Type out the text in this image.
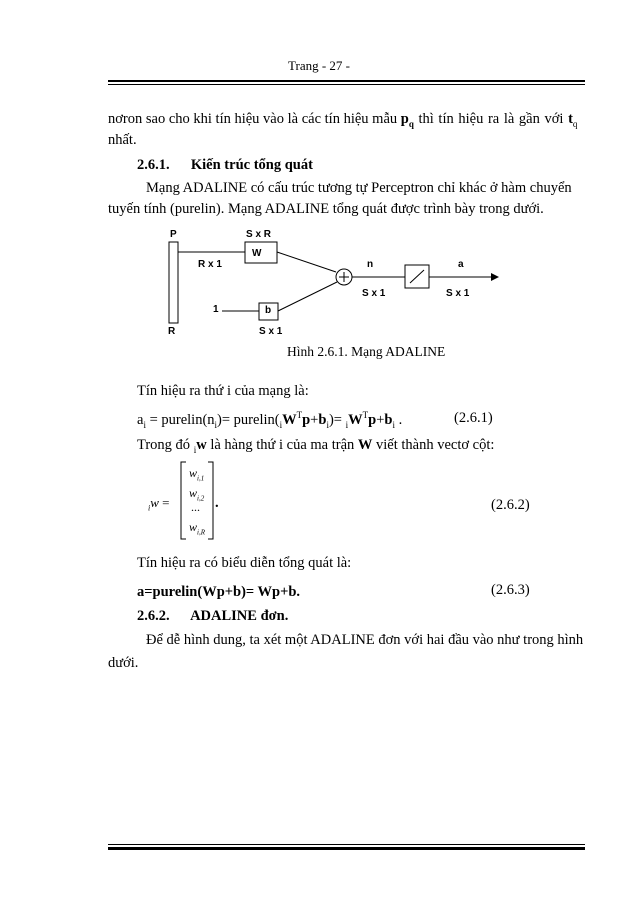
Trang - 27 -
nơron sao cho khi tín hiệu vào là các tín hiệu mẫu $p_q$ thì tín hiệu ra là gần với $t_q$
nhất.
2.6.1. Kiến trúc tổng quát
Mạng ADALINE có cấu trúc tương tự Perceptron chỉ khác ở hàm chuyển
tuyến tính (purelin). Mạng ADALINE tổng quát được trình bày trong dưới.
P
R
S x R
W
R x 1
1	b
S x 1
n
S x 1
a
S x 1
Hình 2.6.1. Mạng ADALINE
Tín hiệu ra thứ i của mạng là:
$a_i$ = $purelin(n_i)=$ $purelin(_iW^Tp+b_i)= _iW^Tp+b_i$ .	(2.6.1)
Trong đó $_i$w là hàng thứ i của ma trận W viết thành vectơ cột:
$_i$w =
$w_{i,1}$
$w_{i,2}$
...
$w_{i,R}$
.	(2.6.2)
Tín hiệu ra có biểu diễn tổng quát là:
a=purelin(Wp+b)= Wp+b.	(2.6.3)
2.6.2. ADALINE đơn.
Để dễ hình dung, ta xét một ADALINE đơn với hai đầu vào như trong hình
dưới.
